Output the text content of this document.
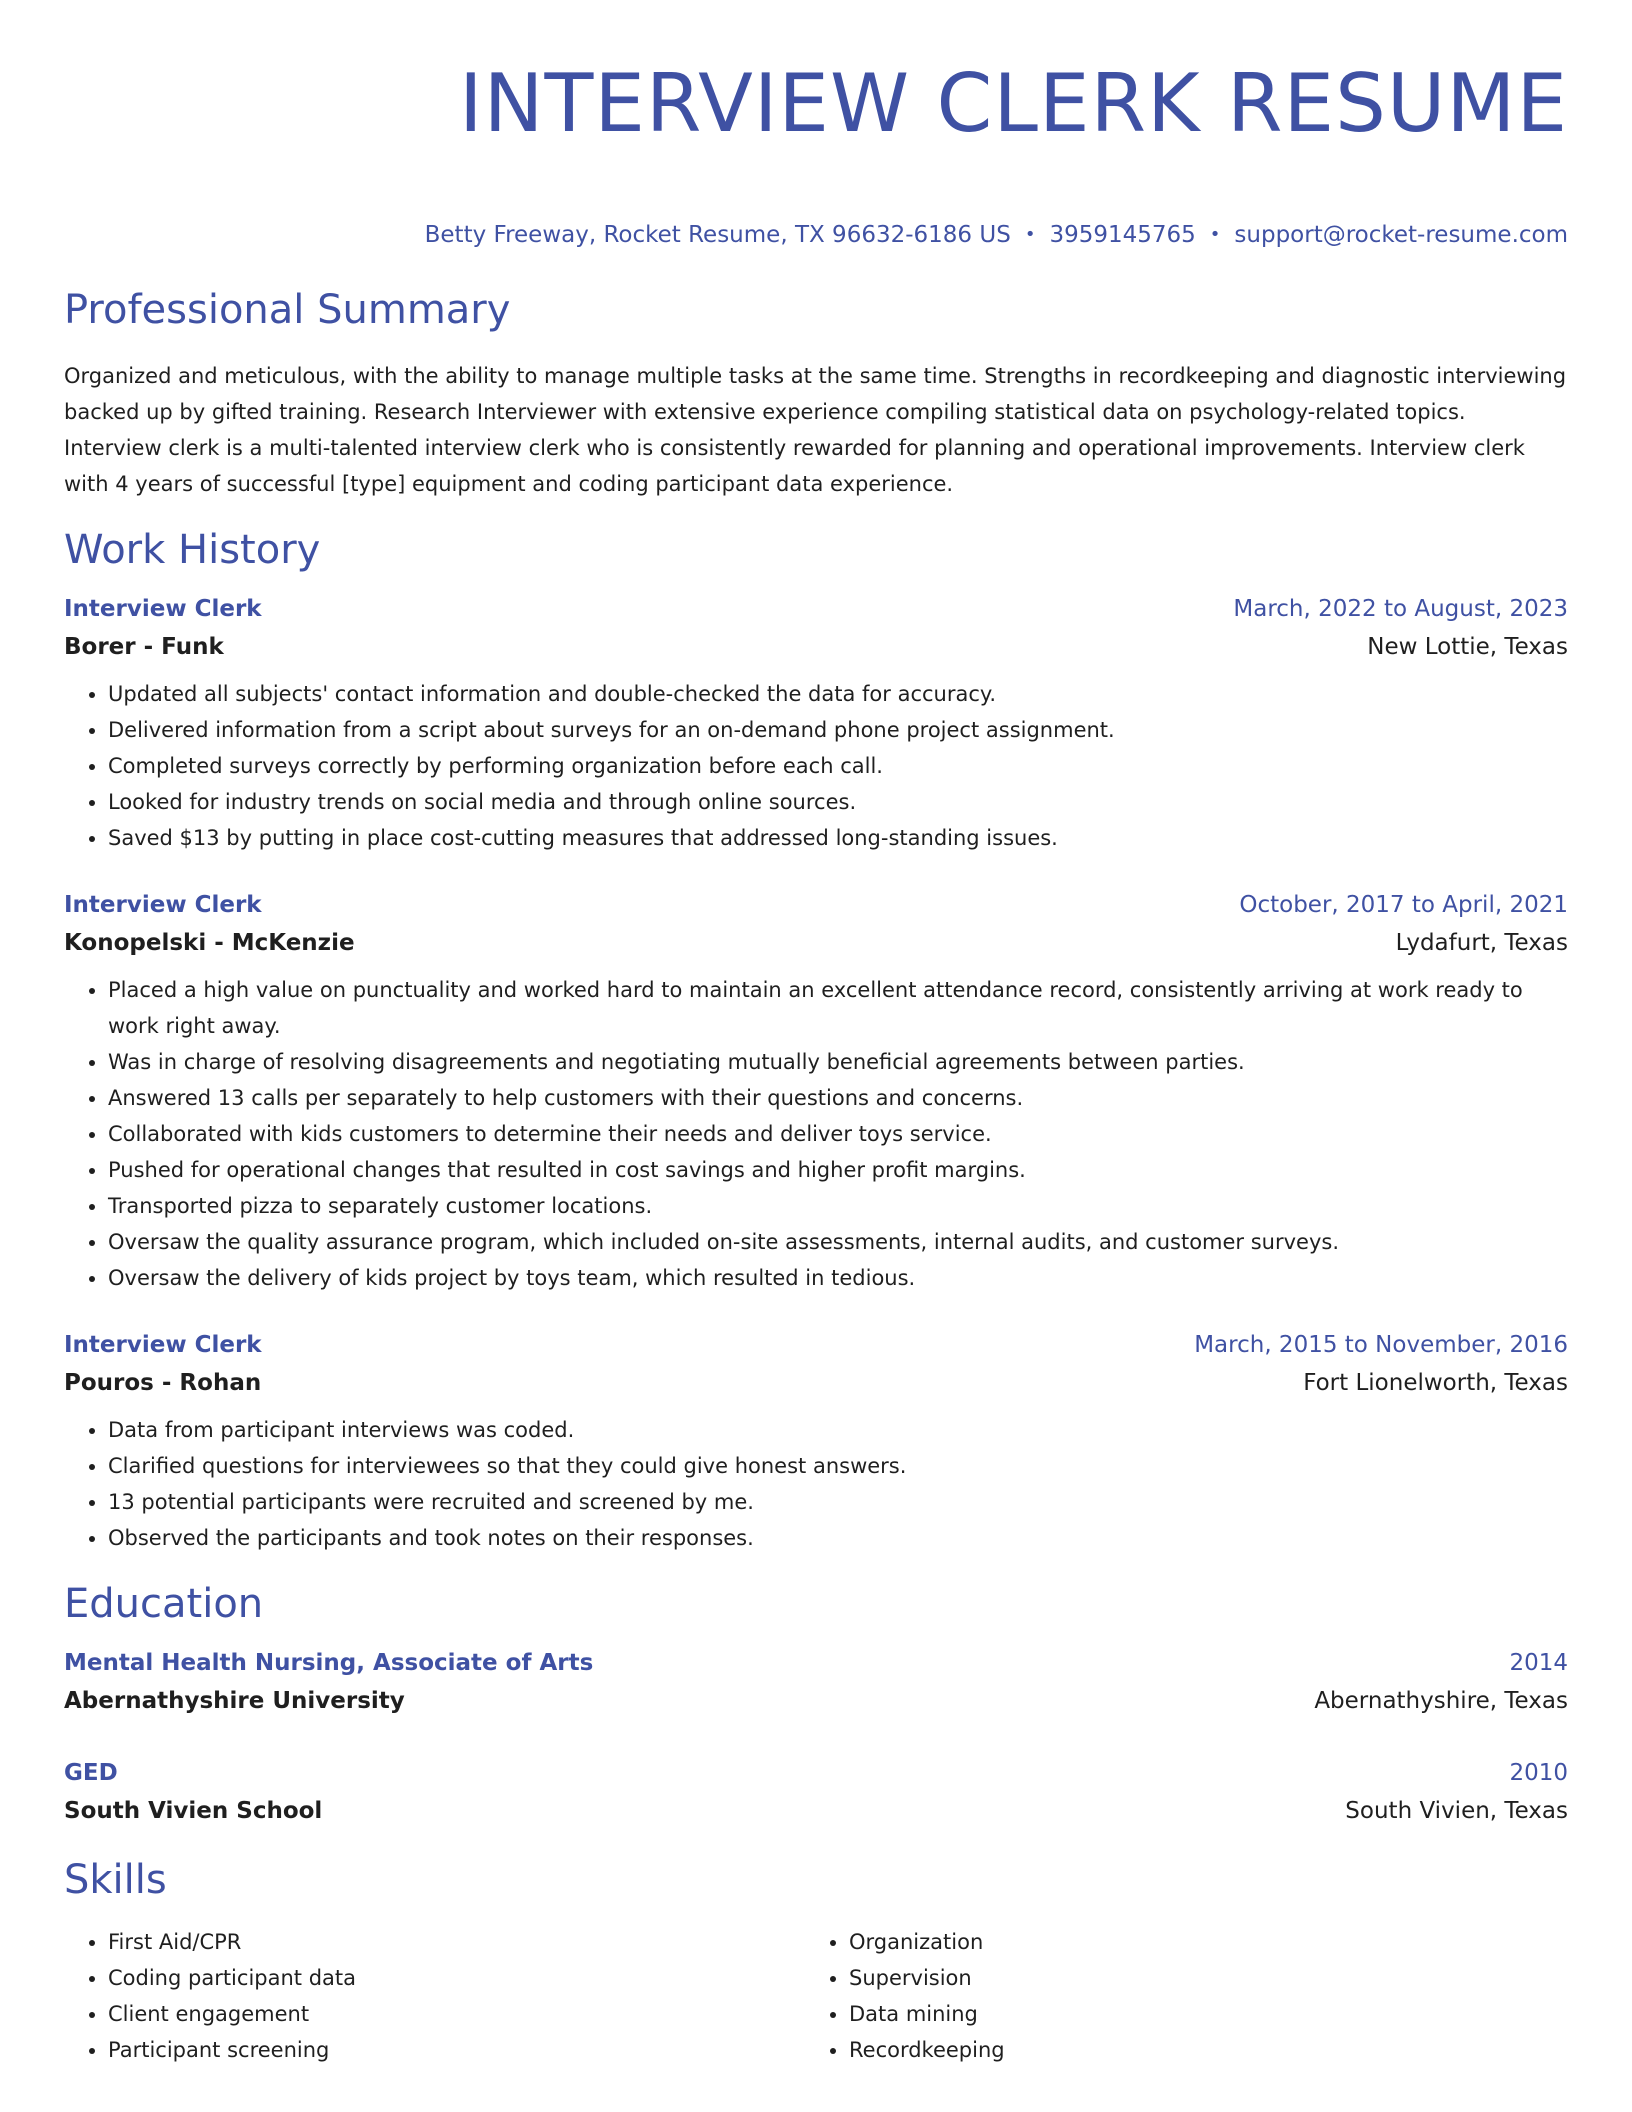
INTERVIEW CLERK RESUME
Betty Freeway, Rocket Resume, TX 96632-6186 US • 3959145765 • support@rocket-resume.com
Professional Summary

Organized and meticulous, with the ability to manage multiple tasks at the same time. Strengths in recordkeeping and diagnostic interviewing backed up by gifted training. Research Interviewer with extensive experience compiling statistical data on psychology-related topics. Interview clerk is a multi-talented interview clerk who is consistently rewarded for planning and operational improvements. Interview clerk with 4 years of successful [type] equipment and coding participant data experience.

Work History
Interview Clerk	March, 2022 to August, 2023
Borer - Funk	New Lottie, Texas
• Updated all subjects' contact information and double-checked the data for accuracy.
• Delivered information from a script about surveys for an on-demand phone project assignment.
• Completed surveys correctly by performing organization before each call.
• Looked for industry trends on social media and through online sources.
• Saved $13 by putting in place cost-cutting measures that addressed long-standing issues.
Interview Clerk	October, 2017 to April, 2021
Konopelski - McKenzie	Lydafurt, Texas
• Placed a high value on punctuality and worked hard to maintain an excellent attendance record, consistently arriving at work ready to work right away.
• Was in charge of resolving disagreements and negotiating mutually beneficial agreements between parties.
• Answered 13 calls per separately to help customers with their questions and concerns.
• Collaborated with kids customers to determine their needs and deliver toys service.
• Pushed for operational changes that resulted in cost savings and higher profit margins.
• Transported pizza to separately customer locations.
• Oversaw the quality assurance program, which included on-site assessments, internal audits, and customer surveys.
• Oversaw the delivery of kids project by toys team, which resulted in tedious.
Interview Clerk	March, 2015 to November, 2016
Pouros - Rohan	Fort Lionelworth, Texas
• Data from participant interviews was coded.
• Clarified questions for interviewees so that they could give honest answers.
• 13 potential participants were recruited and screened by me.
• Observed the participants and took notes on their responses.
Education
Mental Health Nursing, Associate of Arts	2014
Abernathyshire University	Abernathyshire, Texas
GED	2010
South Vivien School	South Vivien, Texas
Skills
• First Aid/CPR
• Coding participant data
• Client engagement
• Participant screening
• Organization
• Supervision
• Data mining
• Recordkeeping
